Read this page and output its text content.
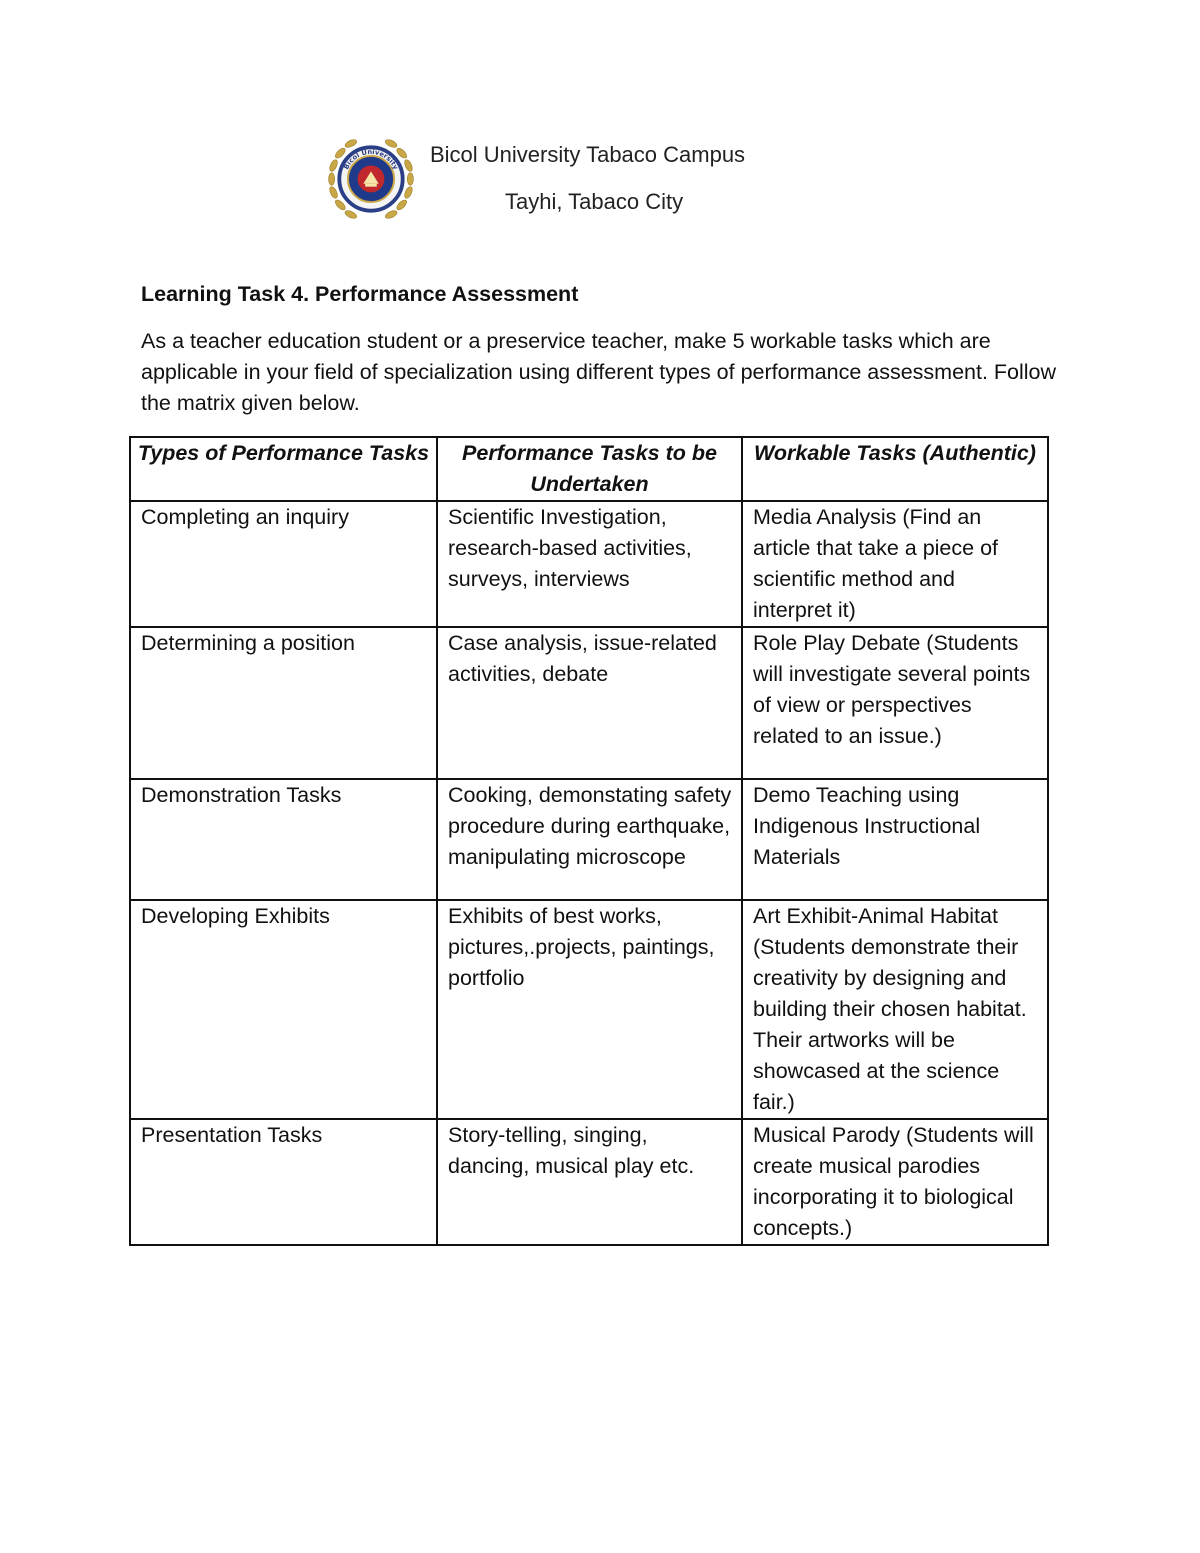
Bicol University
Bicol University Tabaco Campus
Tayhi, Tabaco City
Learning Task 4. Performance Assessment
As a teacher education student or a preservice teacher, make 5 workable tasks which are applicable in your field of specialization using different types of performance assessment. Follow the matrix given below.
Types of Performance Tasks	Performance Tasks to be Undertaken	Workable Tasks (Authentic)
Completing an inquiry	Scientific Investigation, research-based activities, surveys, interviews	Media Analysis (Find an article that take a piece of scientific method and interpret it)
Determining a position	Case analysis, issue-related activities, debate	Role Play Debate (Students will investigate several points of view or perspectives related to an issue.)
Demonstration Tasks	Cooking, demonstating safety procedure during earthquake, manipulating microscope	Demo Teaching using Indigenous Instructional Materials
Developing Exhibits	Exhibits of best works, pictures,.projects, paintings, portfolio	Art Exhibit-Animal Habitat (Students demonstrate their creativity by designing and building their chosen habitat. Their artworks will be showcased at the science fair.)
Presentation Tasks	Story-telling, singing, dancing, musical play etc.	Musical Parody (Students will create musical parodies incorporating it to biological concepts.)
